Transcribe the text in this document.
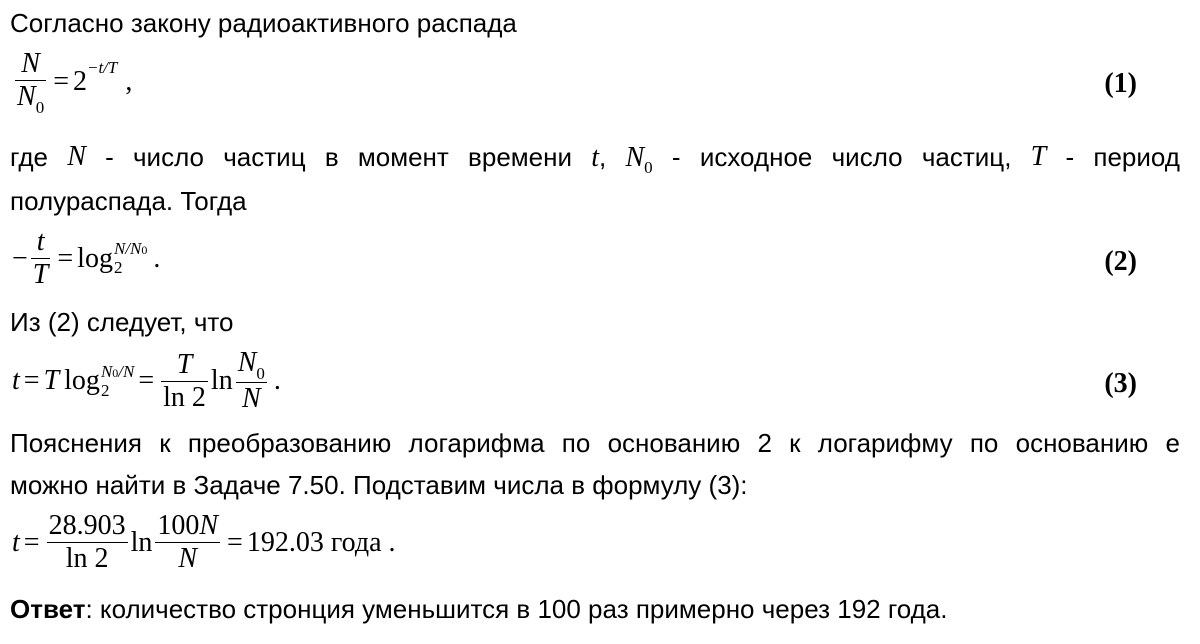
Согласно закону радиоактивного распада
$\frac{N}{N_0} = 2 -t/T$ ,	(1)
где N - число частиц в момент времени t, $N_0$ - исходное число частиц, T - период
полураспада. Тогда
− $\frac{t}{T} = \log N/N0$
2	.	(2)
Из (2) следует, что
t = T log N0/N
2	= $\frac{T}{\ln 2}$ $\ln \frac{N_0}{N}$ .	(3)
Пояснения к преобразованию логарифма по основанию 2 к логарифму по основанию е
можно найти в Задаче 7.50. Подставим числа в формулу (3):
$t = \frac{28.903}{\ln 2}$ $\ln \frac{100N}{N} = 192.03$ года .
Ответ: количество стронция уменьшится в 100 раз примерно через 192 года.
